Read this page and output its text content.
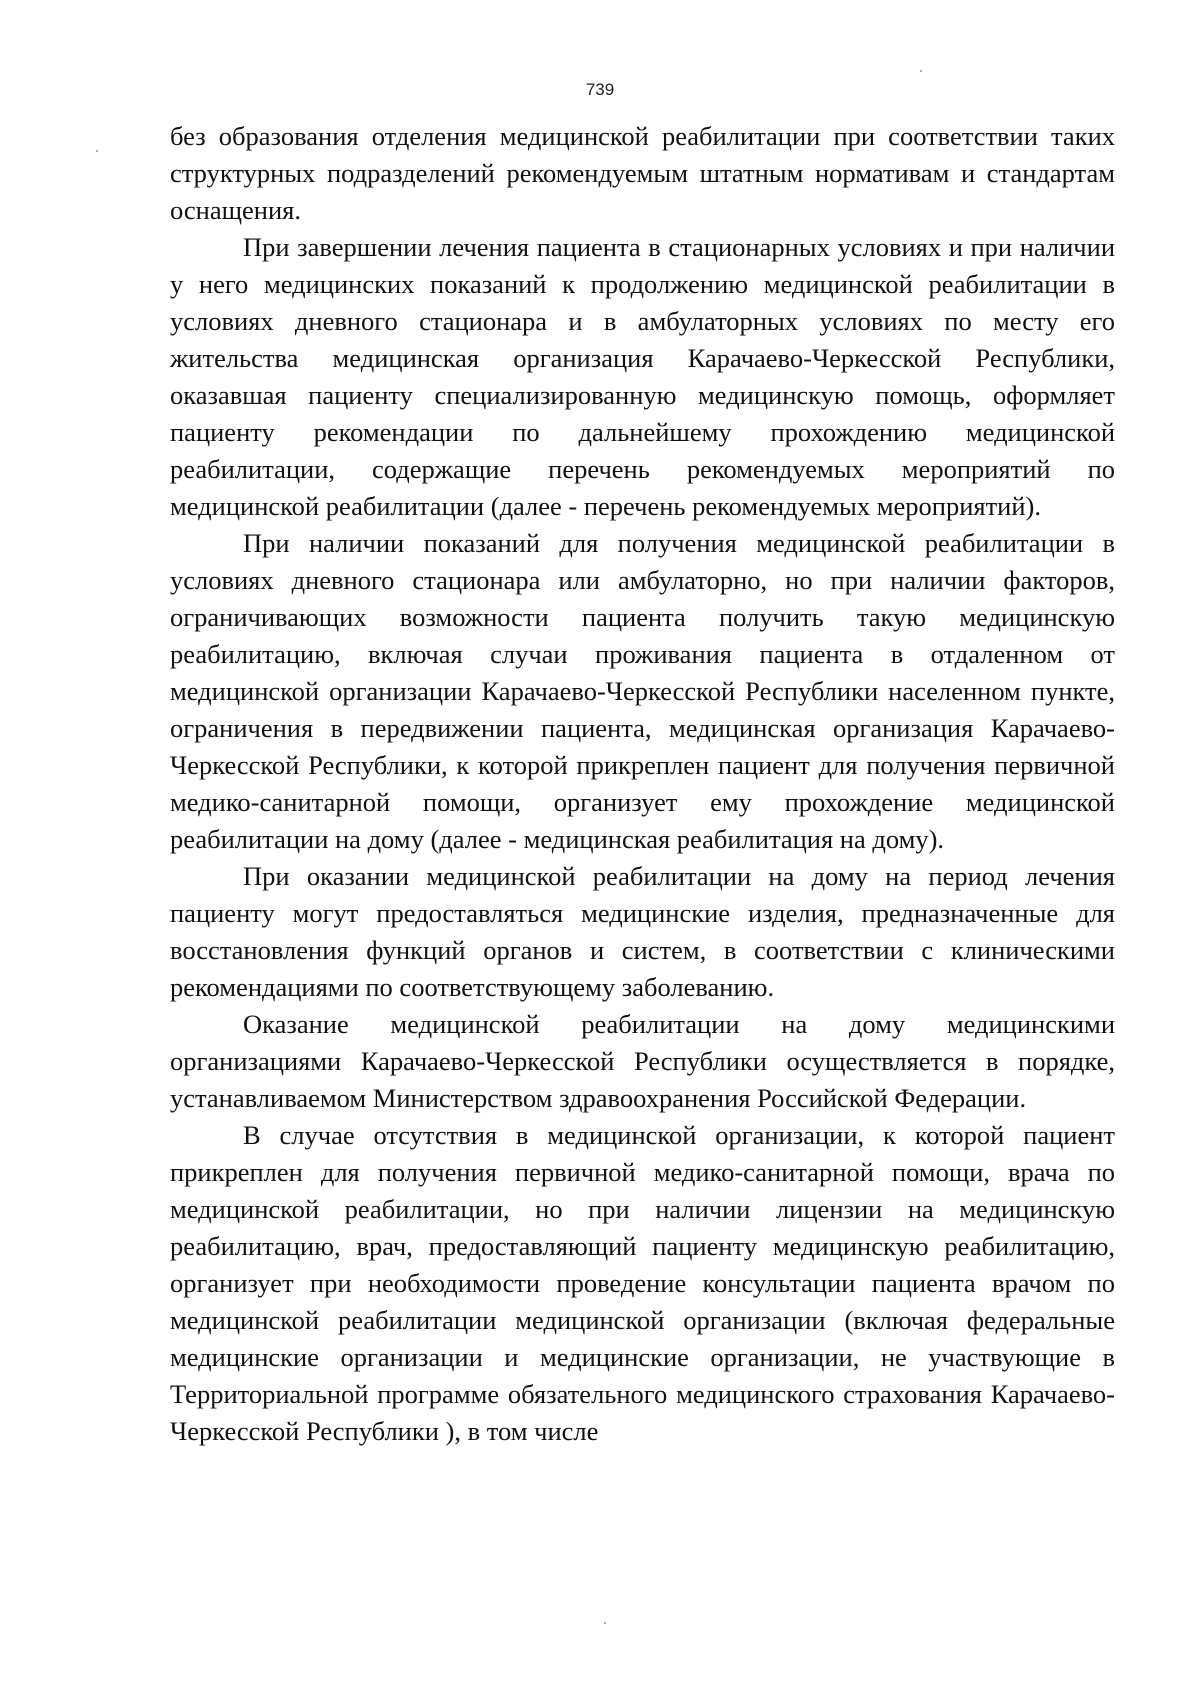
739

без образования отделения медицинской реабилитации при соответствии таких структурных подразделений рекомендуемым штатным нормативам и стандартам оснащения.

При завершении лечения пациента в стационарных условиях и при наличии у него медицинских показаний к продолжению медицинской реабилитации в условиях дневного стационара и в амбулаторных условиях по месту его жительства медицинская организация Карачаево-Черкесской Республики, оказавшая пациенту специализированную медицинскую помощь, оформляет пациенту рекомендации по дальнейшему прохождению медицинской реабилитации, содержащие перечень рекомендуемых мероприятий по медицинской реабилитации (далее - перечень рекомендуемых мероприятий).

При наличии показаний для получения медицинской реабилитации в условиях дневного стационара или амбулаторно, но при наличии факторов, ограничивающих возможности пациента получить такую медицинскую реабилитацию, включая случаи проживания пациента в отдаленном от медицинской организации Карачаево-Черкесской Республики населенном пункте, ограничения в передвижении пациента, медицинская организация Карачаево-Черкесской Республики, к которой прикреплен пациент для получения первичной медико-санитарной помощи, организует ему прохождение медицинской реабилитации на дому (далее - медицинская реабилитация на дому).

При оказании медицинской реабилитации на дому на период лечения пациенту могут предоставляться медицинские изделия, предназначенные для восстановления функций органов и систем, в соответствии с клиническими рекомендациями по соответствующему заболеванию.

Оказание медицинской реабилитации на дому медицинскими организациями Карачаево-Черкесской Республики осуществляется в порядке, устанавливаемом Министерством здравоохранения Российской Федерации.

В случае отсутствия в медицинской организации, к которой пациент прикреплен для получения первичной медико-санитарной помощи, врача по медицинской реабилитации, но при наличии лицензии на медицинскую реабилитацию, врач, предоставляющий пациенту медицинскую реабилитацию, организует при необходимости проведение консультации пациента врачом по медицинской реабилитации медицинской организации (включая федеральные медицинские организации и медицинские организации, не участвующие в Территориальной программе обязательного медицинского страхования Карачаево-Черкесской Республики ), в том числе
